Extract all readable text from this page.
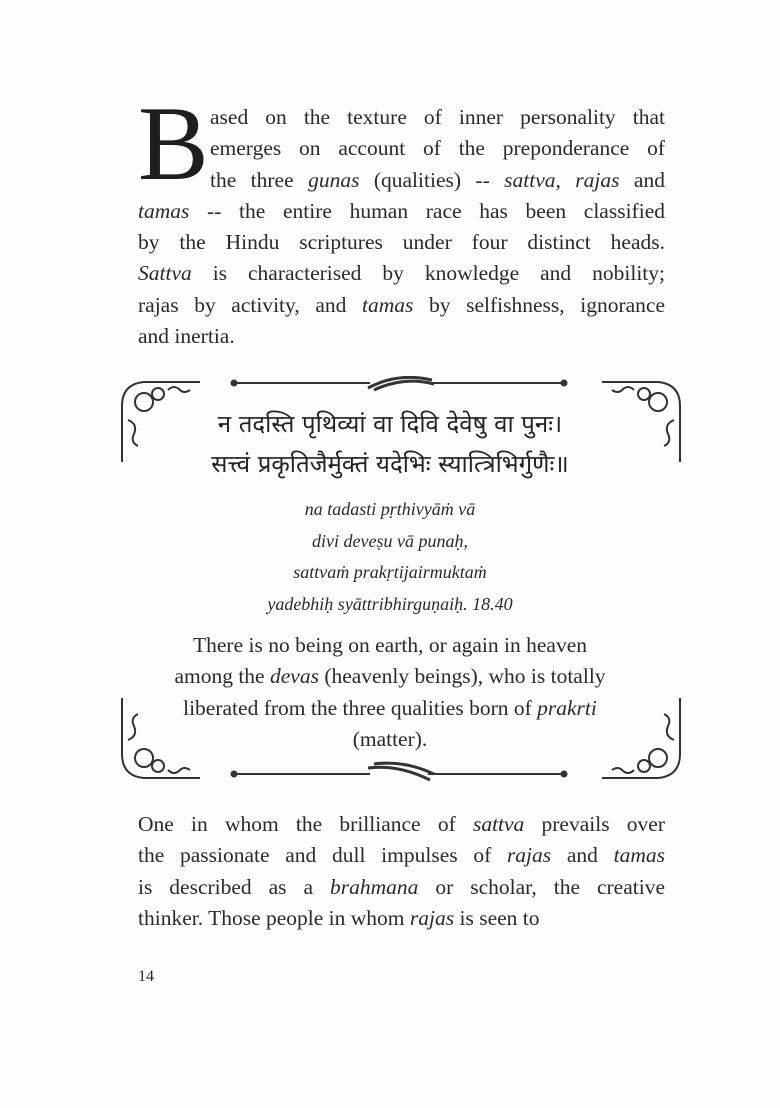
B ased on the texture of inner personality that
emerges on account of the preponderance of
the three gunas (qualities) -- sattva, rajas and
tamas -- the entire human race has been classified
by the Hindu scriptures under four distinct heads.
Sattva is characterised by knowledge and nobility;
rajas by activity, and tamas by selfishness, ignorance
and inertia.
न तदस्ति पृथिव्यां वा दिवि देवेषु वा पुनः।
सत्त्वं प्रकृतिजैर्मुक्तं यदेभिः स्यात्त्रिभिर्गुणैः॥
na tadasti pṛthivyāṁ vā
divi deveṣu vā punaḥ,
sattvaṁ prakṛtijairmuktaṁ
yadebhiḥ syāttribhirguṇaiḥ. 18.40
There is no being on earth, or again in heaven
among the devas (heavenly beings), who is totally
liberated from the three qualities born of prakrti
(matter).
One in whom the brilliance of sattva prevails over
the passionate and dull impulses of rajas and tamas
is described as a brahmana or scholar, the creative
thinker. Those people in whom rajas is seen to
14
